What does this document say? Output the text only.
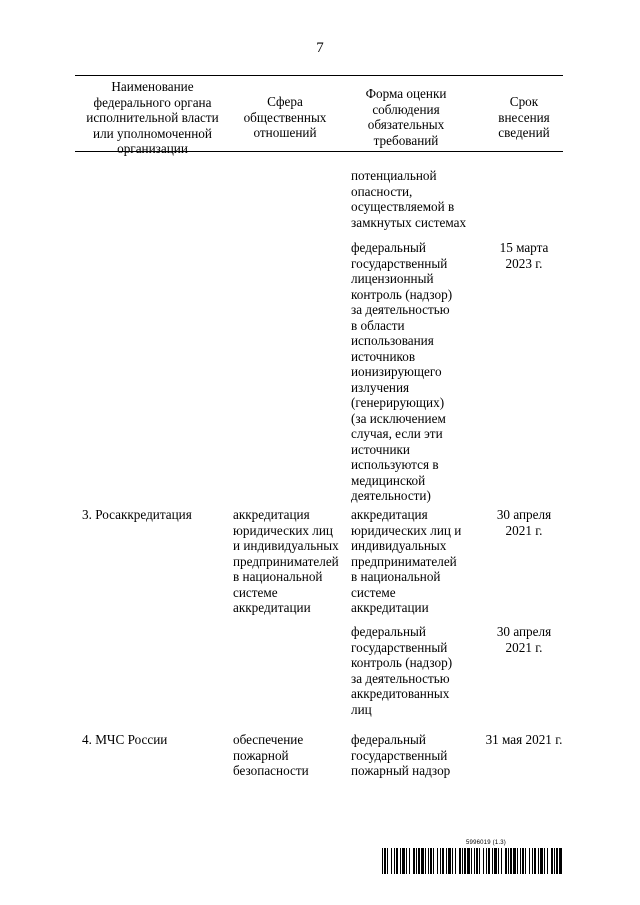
7
Наименование
федерального органа
исполнительной власти
или уполномоченной
организации
Сфера
общественных
отношений
Форма оценки
соблюдения
обязательных
требований
Срок
внесения
сведений
потенциальной
опасности,
осуществляемой в
замкнутых системах
федеральный
государственный
лицензионный
контроль (надзор)
за деятельностью
в области
использования
источников
ионизирующего
излучения
(генерирующих)
(за исключением
случая, если эти
источники
используются в
медицинской
деятельности)
15 марта
2023 г.
3. Росаккредитация	аккредитация
юридических лиц
и индивидуальных
предпринимателей
в национальной
системе
аккредитации
аккредитация
юридических лиц и
индивидуальных
предпринимателей
в национальной
системе
аккредитации
30 апреля
2021 г.
федеральный
государственный
контроль (надзор)
за деятельностью
аккредитованных
лиц
30 апреля
2021 г.
4. МЧС России	обеспечение
пожарной
безопасности
федеральный
государственный
пожарный надзор
31 мая 2021 г.
5996019 (1.3)
